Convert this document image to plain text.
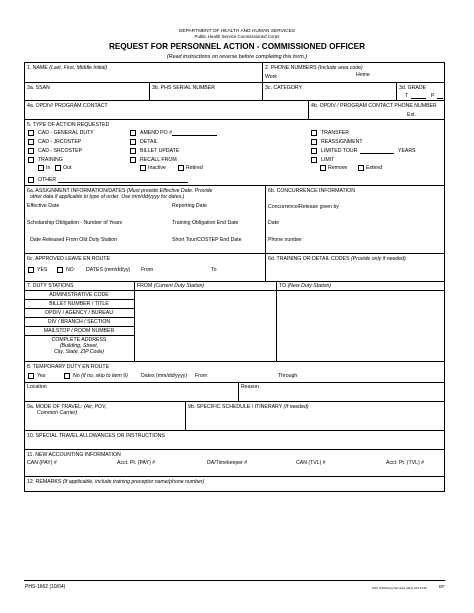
DEPARTMENT OF HEALTH AND HUMAN SERVICES
Public Health Service Commissioned Corps
REQUEST FOR PERSONNEL ACTION - COMMISSIONED OFFICER
(Read instructions on reverse before completing this form.)
1. NAME (Last, First, Middle Initial)	2. PHONE NUMBERS (Include area code)
Work	Home
3a. SSAN	3b. PHS SERIAL NUMBER	3c. CATEGORY	3d. GRADE
T	P
4a. OPDIV/ PROGRAM CONTACT	4b. OPDIV / PROGRAM CONTACT PHONE NUMBER
Ext.
5. TYPE OF ACTION REQUESTED
CAD - GENERAL DUTY
CAD - JRCOSTEP
CAD - SRCOSTEP
TRAINING
In Out
AMEND PO #
DETAIL
BILLET UPDATE
RECALL FROM
Inactive	Retired
TRANSFER
REASSIGNMENT
LIMITED TOUR	YEARS
LIMIT
Remove	Extend
OTHER
6a. ASSIGNMENT INFORMATION/DATES (Must provide Effective Date. Provide
other data if applicable to type of order. Use mm/dd/yyyy for dates.)
Effective Date	Reporting Date
Scholarship Obligation - Number of Years	Training Obligation End Date
Date Released From Old Duty Station	Short Tour/COSTEP End Date
6b. CONCURRENCE INFORMATION
Concurrence/Release given by
Date
Phone number
6c. APPROVED LEAVE EN ROUTE
YES	NO DATES (mm/dd/yy) From	To
6d. TRAINING OR DETAIL CODES (Provide only if needed)
7. DUTY STATIONS	FROM (Current Duty Station)	TO (New Duty Station)
ADMINISTRATIVE CODE
BILLET NUMBER / TITLE
OPDIV / AGENCY / BUREAU
DIV / BRANCH / SECTION
MAILSTOP / ROOM NUMBER
COMPLETE ADDRESS
(Building, Street,
City, State, ZIP Code)
8. TEMPORARY DUTY EN ROUTE
Yes	No (if no, skip to item 9)	Dates (mm/dd/yyyy) From	Through
Location	Reason
9a. MODE OF TRAVEL: (Air, POV,
Common Carrier)
9b. SPECIFIC SCHEDULE / ITINERARY (If needed)
10. SPECIAL TRAVEL ALLOWANCES OR INSTRUCTIONS
11. NEW ACCOUNTING INFORMATION
CAN (PAY) #	Acct. Pt. (PAY) #	DA/Timekeeper #	CAN (TVL) #	Acct. Pt. (TVL) #
12. REMARKS (If applicable, include training preceptor name/phone number)
PHS-1662 (10/04)	PSC Publishing Services (301) 443-6740	EF
